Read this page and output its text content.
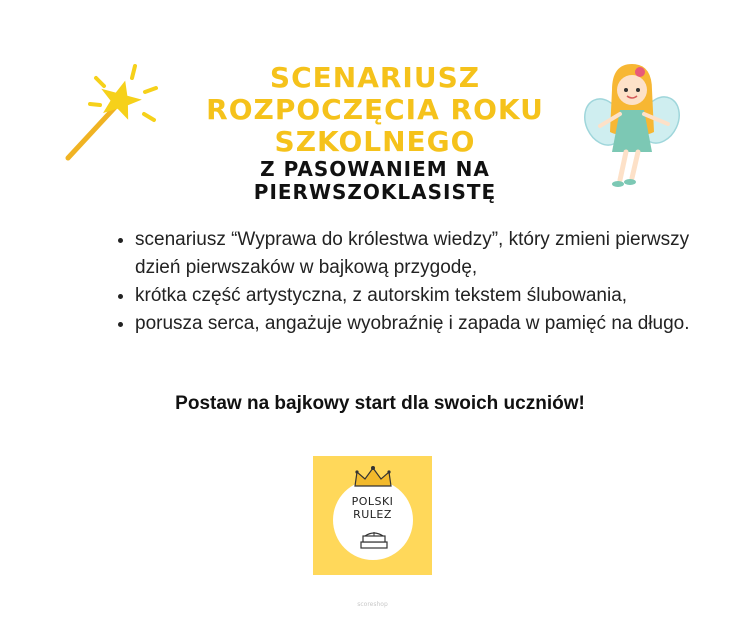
SCENARIUSZ
ROZPOCZĘCIA ROKU
SZKOLNEGO
Z PASOWANIEM NA
PIERWSZOKLASISTĘ
• scenariusz “Wyprawa do królestwa wiedzy”, który zmieni pierwszy dzień pierwszaków w bajkową przygodę,
• krótka część artystyczna, z autorskim tekstem ślubowania,
• porusza serca, angażuje wyobraźnię i zapada w pamięć na długo.

Postaw na bajkowy start dla swoich uczniów!

POLSKI
RULEZ
scoreshop
